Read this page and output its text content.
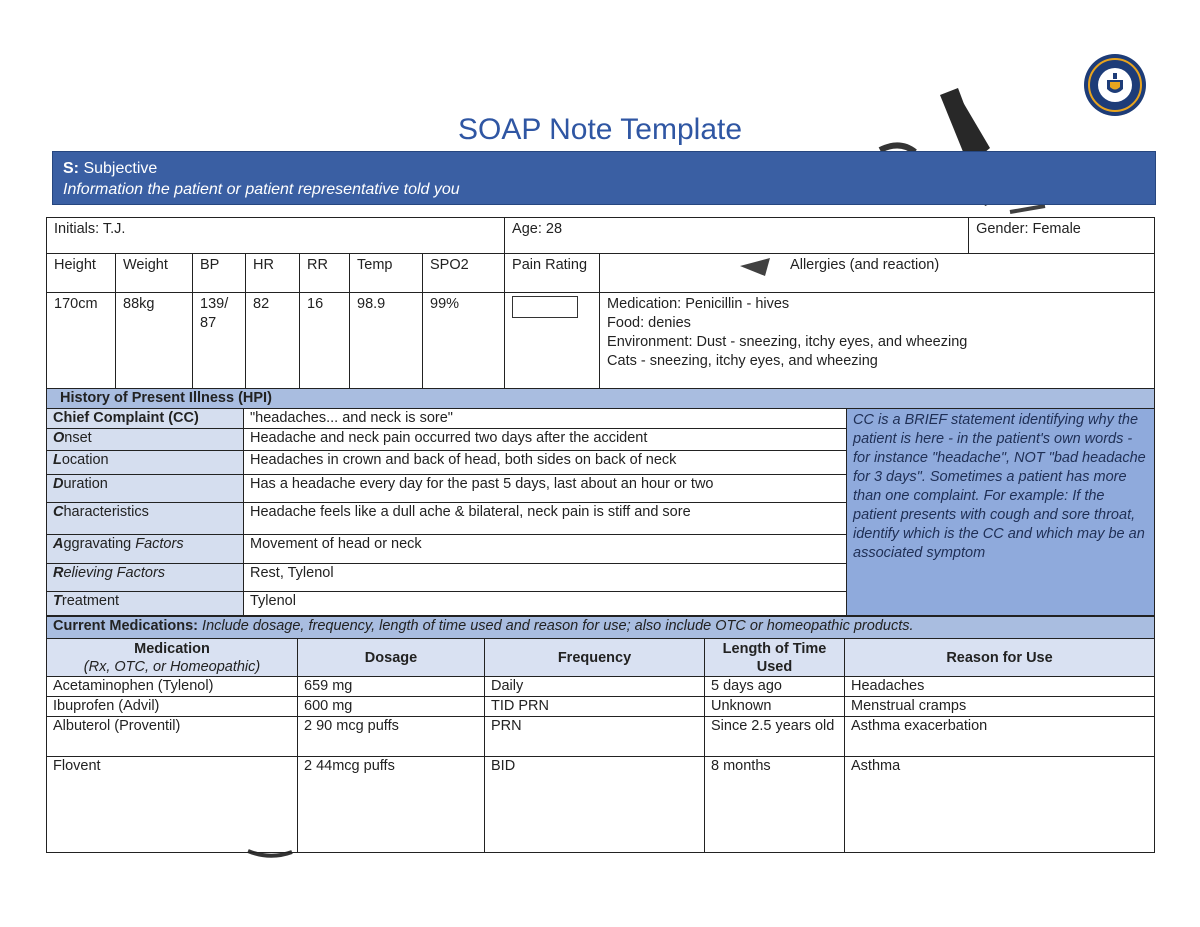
SOAP Note Template
S: Subjective
Information the patient or patient representative told you
Initials: T.J.							Age: 28		Gender: Female
Height	Weight	BP	HR	RR	Temp	SPO2	Pain Rating	Allergies (and reaction)	
170cm	88kg	139/ 87	82	16	98.9	99%		Medication: Penicillin - hives
Food: denies
Environment: Dust - sneezing, itchy eyes, and wheezing
Cats - sneezing, itchy eyes, and wheezing	
History of Present Illness (HPI)		
Chief Complaint (CC)	"headaches... and neck is sore"	CC is a BRIEF statement identifying why the patient is here - in the patient's own words - for instance "headache", NOT "bad headache for 3 days". Sometimes a patient has more than one complaint. For example: If the patient presents with cough and sore throat, identify which is the CC and which may be an associated symptom
Onset	Headache and neck pain occurred two days after the accident	
Location	Headaches in crown and back of head, both sides on back of neck	
Duration	Has a headache every day for the past 5 days, last about an hour or two	
Characteristics	Headache feels like a dull ache & bilateral, neck pain is stiff and sore	
Aggravating Factors	Movement of head or neck	
Relieving Factors	Rest, Tylenol	
Treatment	Tylenol	
Current Medications: Include dosage, frequency, length of time used and reason for use; also include OTC or homeopathic products.				

Medication
(Rx, OTC, or Homeopathic)	Dosage	Frequency	Length of Time Used	Reason for Use
Acetaminophen (Tylenol)	659 mg	Daily	5 days ago	Headaches
Ibuprofen (Advil)	600 mg	TID PRN	Unknown	Menstrual cramps
Albuterol (Proventil)	2 90 mcg puffs	PRN	Since 2.5 years old	Asthma exacerbation
Flovent	2 44mcg puffs	BID	8 months	Asthma
